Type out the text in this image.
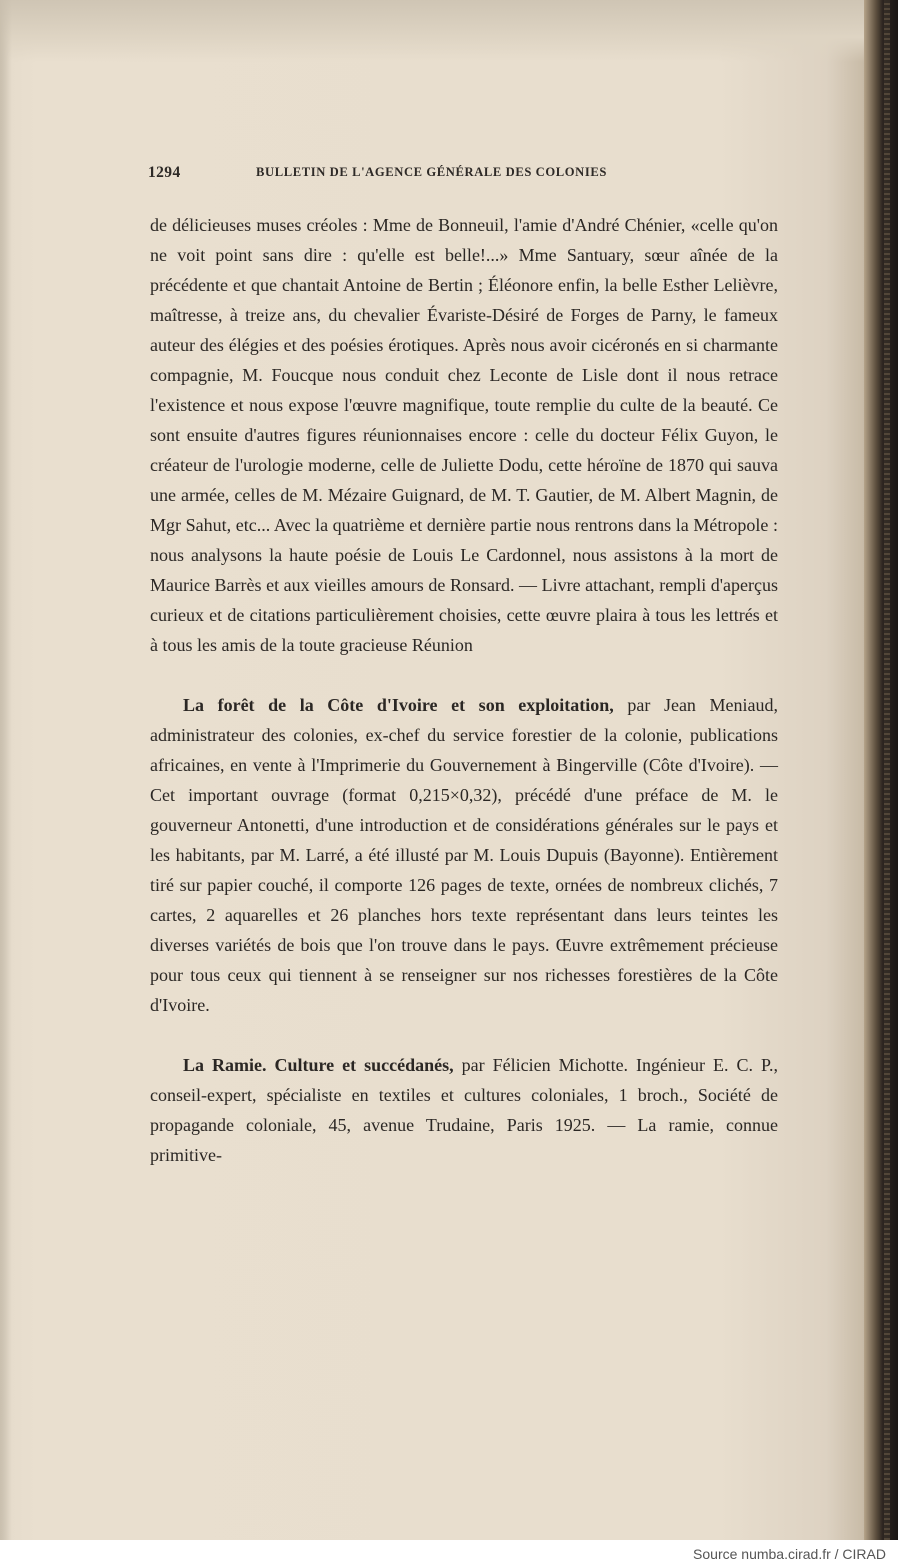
1294	BULLETIN DE L'AGENCE GÉNÉRALE DES COLONIES

de délicieuses muses créoles : Mme de Bonneuil, l'amie d'André Chénier, «celle qu'on ne voit point sans dire : qu'elle est belle!...» Mme Santuary, sœur aînée de la précédente et que chantait Antoine de Bertin ; Éléonore enfin, la belle Esther Lelièvre, maîtresse, à treize ans, du chevalier Évariste-Désiré de Forges de Parny, le fameux auteur des élégies et des poésies érotiques. Après nous avoir cicéronés en si charmante compagnie, M. Foucque nous conduit chez Leconte de Lisle dont il nous retrace l'existence et nous expose l'œuvre magnifique, toute remplie du culte de la beauté. Ce sont ensuite d'autres figures réunionnaises encore : celle du docteur Félix Guyon, le créateur de l'urologie moderne, celle de Juliette Dodu, cette héroïne de 1870 qui sauva une armée, celles de M. Mézaire Guignard, de M. T. Gautier, de M. Albert Magnin, de Mgr Sahut, etc... Avec la quatrième et dernière partie nous rentrons dans la Métropole : nous analysons la haute poésie de Louis Le Cardonnel, nous assistons à la mort de Maurice Barrès et aux vieilles amours de Ronsard. — Livre attachant, rempli d'aperçus curieux et de citations particulièrement choisies, cette œuvre plaira à tous les lettrés et à tous les amis de la toute gracieuse Réunion

La forêt de la Côte d'Ivoire et son exploitation, par Jean Meniaud, administrateur des colonies, ex-chef du service forestier de la colonie, publications africaines, en vente à l'Imprimerie du Gouvernement à Bingerville (Côte d'Ivoire). — Cet important ouvrage (format 0,215×0,32), précédé d'une préface de M. le gouverneur Antonetti, d'une introduction et de considérations générales sur le pays et les habitants, par M. Larré, a été illusté par M. Louis Dupuis (Bayonne). Entièrement tiré sur papier couché, il comporte 126 pages de texte, ornées de nombreux clichés, 7 cartes, 2 aquarelles et 26 planches hors texte représentant dans leurs teintes les diverses variétés de bois que l'on trouve dans le pays. Œuvre extrêmement précieuse pour tous ceux qui tiennent à se renseigner sur nos richesses forestières de la Côte d'Ivoire.

La Ramie. Culture et succédanés, par Félicien Michotte. Ingénieur E. C. P., conseil-expert, spécialiste en textiles et cultures coloniales, 1 broch., Société de propagande coloniale, 45, avenue Trudaine, Paris 1925. — La ramie, connue primitive-

Source numba.cirad.fr / CIRAD
